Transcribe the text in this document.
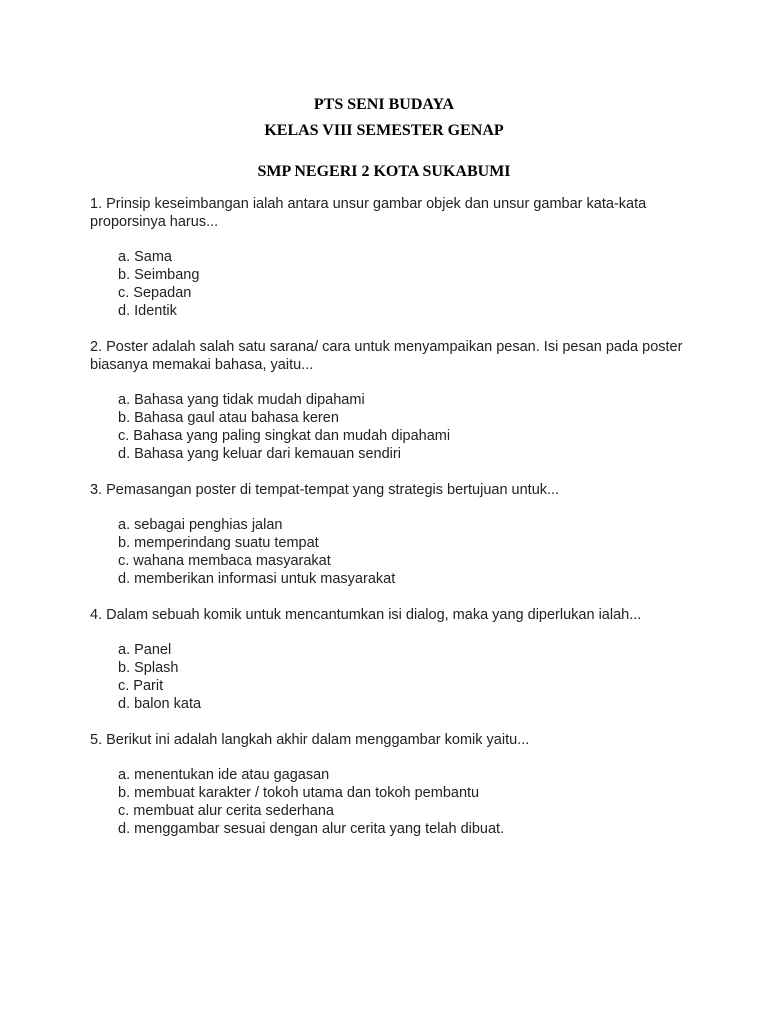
PTS SENI BUDAYA
KELAS VIII SEMESTER GENAP
SMP NEGERI 2 KOTA SUKABUMI
1. Prinsip keseimbangan ialah antara unsur gambar objek dan unsur gambar kata-kata proporsinya harus...
a. Sama
b. Seimbang
c. Sepadan
d. Identik
2. Poster adalah salah satu sarana/ cara untuk menyampaikan pesan. Isi pesan pada poster biasanya memakai bahasa, yaitu...
a. Bahasa yang tidak mudah dipahami
b. Bahasa gaul atau bahasa keren
c. Bahasa yang paling singkat dan mudah dipahami
d. Bahasa yang keluar dari kemauan sendiri
3. Pemasangan poster di tempat-tempat yang strategis bertujuan untuk...
a. sebagai penghias jalan
b. memperindang suatu tempat
c. wahana membaca masyarakat
d. memberikan informasi untuk masyarakat
4. Dalam sebuah komik untuk mencantumkan isi dialog, maka yang diperlukan ialah...
a. Panel
b. Splash
c. Parit
d. balon kata
5. Berikut ini adalah langkah akhir dalam menggambar komik yaitu...
a. menentukan ide atau gagasan
b. membuat karakter / tokoh utama dan tokoh pembantu
c. membuat alur cerita sederhana
d. menggambar sesuai dengan alur cerita yang telah dibuat.
